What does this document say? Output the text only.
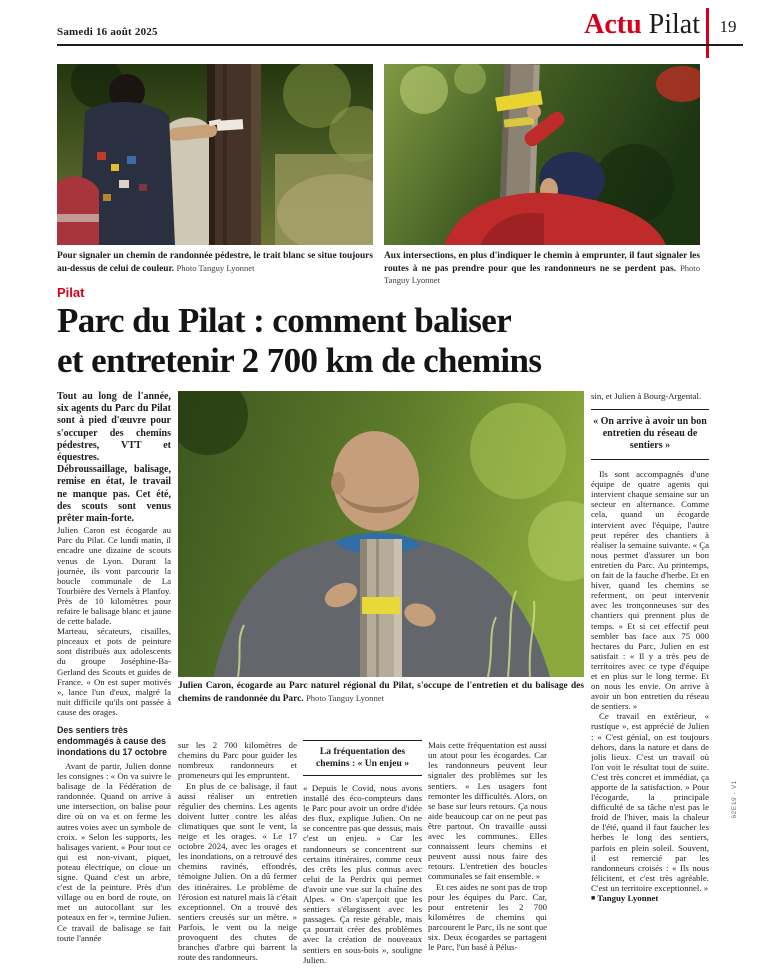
Samedi 16 août 2025	Actu Pilat	19
Pour signaler un chemin de randonnée pédestre, le trait blanc se situe toujours au-dessus de celui de couleur. Photo Tanguy Lyonnet
Aux intersections, en plus d'indiquer le chemin à emprunter, il faut signaler les routes à ne pas prendre pour que les randonneurs ne se perdent pas. Photo Tanguy Lyonnet
Pilat
Parc du Pilat : comment baliser
et entretenir 2 700 km de chemins

Tout au long de l'année, six agents du Parc du Pilat sont à pied d'œuvre pour s'occuper des chemins pédestres, VTT et équestres. Débroussaillage, balisage, remise en état, le travail ne manque pas. Cet été, des scouts sont venus prêter main-forte.

Julien Caron est écogarde au Parc du Pilat. Ce lundi matin, il encadre une dizaine de scouts venus de Lyon. Durant la journée, ils vont parcourir la boucle communale de La Tourbière des Vernels à Planfoy. Près de 10 kilomètres pour refaire le balisage blanc et jaune de cette balade.

Marteau, sécateurs, cisailles, pinceaux et pots de peinture sont distribués aux adolescents du groupe Joséphine-Ba-Gerland des Scouts et guides de France. « On est super motivés », lance l'un d'eux, malgré la nuit difficile qu'ils ont passée à cause des orages.

Des sentiers très endommagés à cause des inondations du 17 octobre

Avant de partir, Julien donne les consignes : « On va suivre le balisage de la Fédération de randonnée. Quand on arrive à une intersection, on balise pour dire où on va et on ferme les autres voies avec un symbole de croix. » Selon les supports, les balisages varient. « Pour tout ce qui est non-vivant, piquet, poteau électrique, on cloue un signe. Quand c'est un arbre, c'est de la peinture. Près d'un village ou en bord de route, on met un autocollant sur les poteaux en fer », termine Julien. Ce travail de balisage se fait toute l'année

Julien Caron, écogarde au Parc naturel régional du Pilat, s'occupe de l'entretien et du balisage des chemins de randonnée du Parc. Photo Tanguy Lyonnet

sur les 2 700 kilomètres de chemins du Parc pour guider les nombreux randonneurs et promeneurs qui les empruntent.

En plus de ce balisage, il faut aussi réaliser un entretien régulier des chemins. Les agents doivent lutter contre les aléas climatiques que sont le vent, la neige et les orages. « Le 17 octobre 2024, avec les orages et les inondations, on a retrouvé des chemins ravinés, effondrés, témoigne Julien. On a dû fermer des itinéraires. Le problème de l'érosion est naturel mais là c'était exceptionnel. On a trouvé des sentiers creusés sur un mètre. » Parfois, le vent ou la neige provoquent des chutes de branches d'arbre qui barrent la route des randonneurs.

La fréquentation des chemins : « Un enjeu »

« Depuis le Covid, nous avons installé des éco-compteurs dans le Parc pour avoir un ordre d'idée des flux, explique Julien. On ne se concentre pas que dessus, mais c'est un enjeu. » Car les randonneurs se concentrent sur certains itinéraires, comme ceux des crêts les plus connus avec celui de la Perdrix qui permet d'avoir une vue sur la chaîne des Alpes. « On s'aperçoit que les sentiers s'élargissent avec les passages. Ça reste gérable, mais ça pourrait créer des problèmes avec la création de nouveaux sentiers en sous-bois », souligne Julien.

Mais cette fréquentation est aussi un atout pour les écogardes. Car les randonneurs peuvent leur signaler des problèmes sur les sentiers. « Les usagers font remonter les difficultés. Alors, on se base sur leurs retours. Ça nous aide beaucoup car on ne peut pas être partout. On travaille aussi avec les communes. Elles connaissent leurs chemins et peuvent aussi nous faire des retours. L'entretien des boucles communales se fait ensemble. »

Et ces aides ne sont pas de trop pour les équipes du Parc. Car, pour entretenir les 2 700 kilomètres de chemins qui parcourent le Parc, ils ne sont que six. Deux écogardes se partagent le Parc, l'un basé à Pélus-

sin, et Julien à Bourg-Argental.

« On arrive à avoir un bon entretien du réseau de sentiers »

Ils sont accompagnés d'une équipe de quatre agents qui intervient chaque semaine sur un secteur en alternance. Comme cela, quand un écogarde intervient avec l'équipe, l'autre peut repérer des chantiers à réaliser la semaine suivante. « Ça nous permet d'assurer un bon entretien du Parc. Au printemps, on fait de la fauche d'herbe. Et en hiver, quand les chemins se referment, on peut intervenir avec les tronçonneuses sur des chantiers qui prennent plus de temps. » Et si cet effectif peut sembler bas face aux 75 000 hectares du Parc, Julien en est satisfait : « Il y a très peu de territoires avec ce type d'équipe et en plus sur le long terme. Et on nous les envie. On arrive à avoir un bon entretien du réseau de sentiers. »

Ce travail en extérieur, « rustique », est apprécié de Julien : « C'est génial, on est toujours dehors, dans la nature et dans de jolis lieux. C'est un travail où l'on voit le résultat tout de suite. C'est très concret et immédiat, ça apporte de la satisfaction. » Pour l'écogarde, la principale difficulté de sa tâche n'est pas le froid de l'hiver, mais la chaleur de l'été, quand il faut faucher les herbes le long des sentiers, parfois en plein soleil. Souvent, il est remercié par les randonneurs croisés : « Ils nous félicitent, et c'est très agréable. C'est un territoire exceptionnel. »

■ Tanguy Lyonnet

62E19 - V1
